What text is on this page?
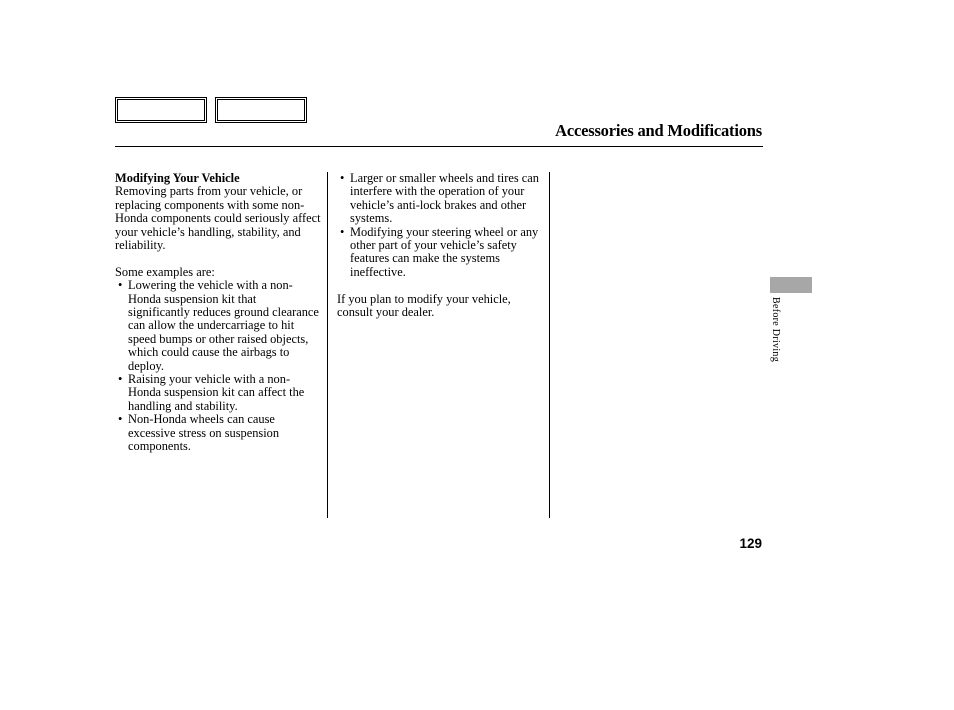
Accessories and Modifications
Modifying Your Vehicle

Removing parts from your vehicle, or replacing components with some non-Honda components could seriously affect your vehicle’s handling, stability, and reliability.

Some examples are:

• Lowering the vehicle with a non-Honda suspension kit that significantly reduces ground clearance can allow the undercarriage to hit speed bumps or other raised objects, which could cause the airbags to deploy.
• Raising your vehicle with a non-Honda suspension kit can affect the handling and stability.
• Non-Honda wheels can cause excessive stress on suspension components.
• Larger or smaller wheels and tires can interfere with the operation of your vehicle’s anti-lock brakes and other systems.
• Modifying your steering wheel or any other part of your vehicle’s safety features can make the systems ineffective.

If you plan to modify your vehicle, consult your dealer.	Before Driving
129
